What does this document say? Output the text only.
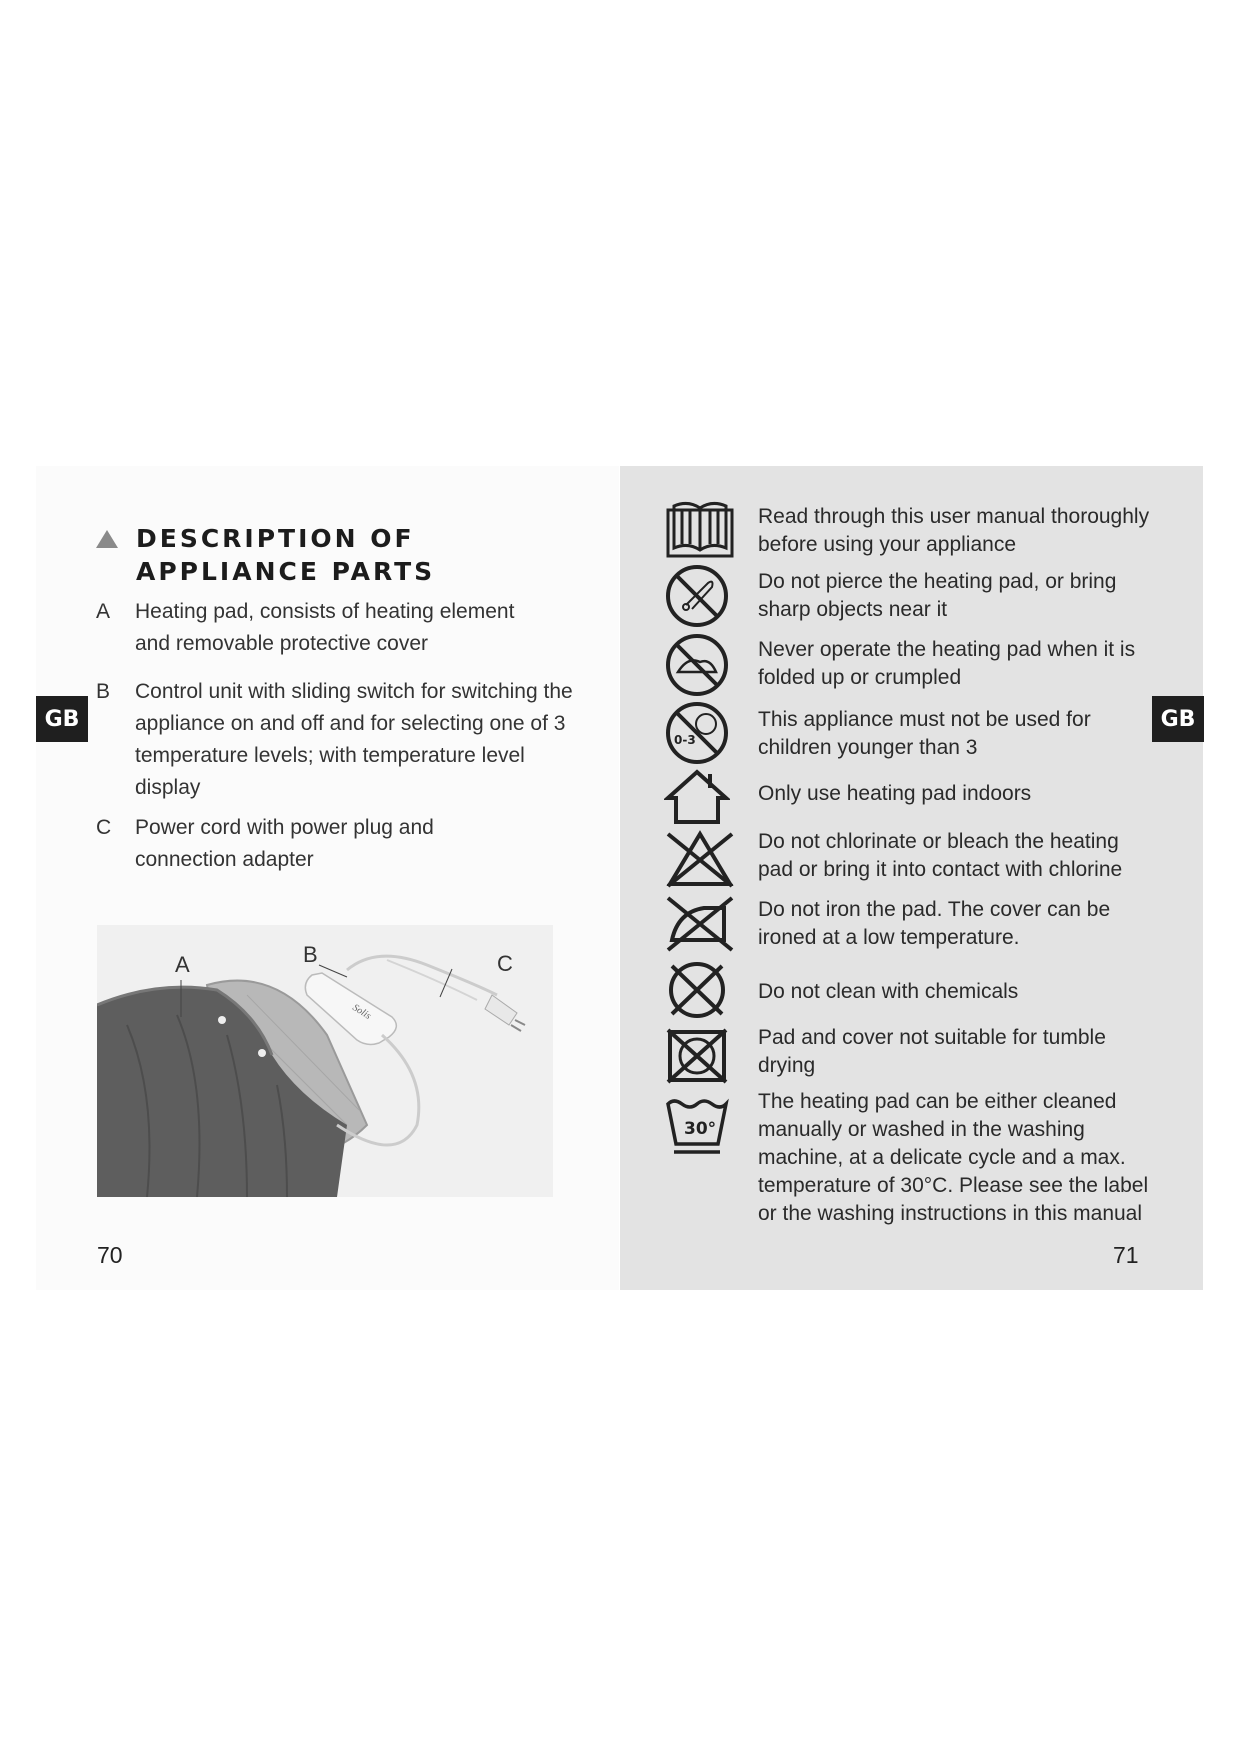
GB
DESCRIPTION OF APPLIANCE PARTS
A Heating pad, consists of heating element and removable protective cover
B Control unit with sliding switch for switching the appliance on and off and for selecting one of 3 temperature levels; with temperature level display
C Power cord with power plug and connection adapter
Solis
A	B	C
70
GB
Read through this user manual thoroughly before using your appliance
Do not pierce the heating pad, or bring sharp objects near it
Never operate the heating pad when it is folded up or crumpled
0-3
This appliance must not be used for children younger than 3
Only use heating pad indoors
Do not chlorinate or bleach the heating pad or bring it into contact with chlorine
Do not iron the pad. The cover can be ironed at a low temperature.
Do not clean with chemicals
Pad and cover not suitable for tumble drying
30°
The heating pad can be either cleaned manually or washed in the washing machine, at a delicate cycle and a max. temperature of 30°C. Please see the label or the washing instructions in this manual
71
